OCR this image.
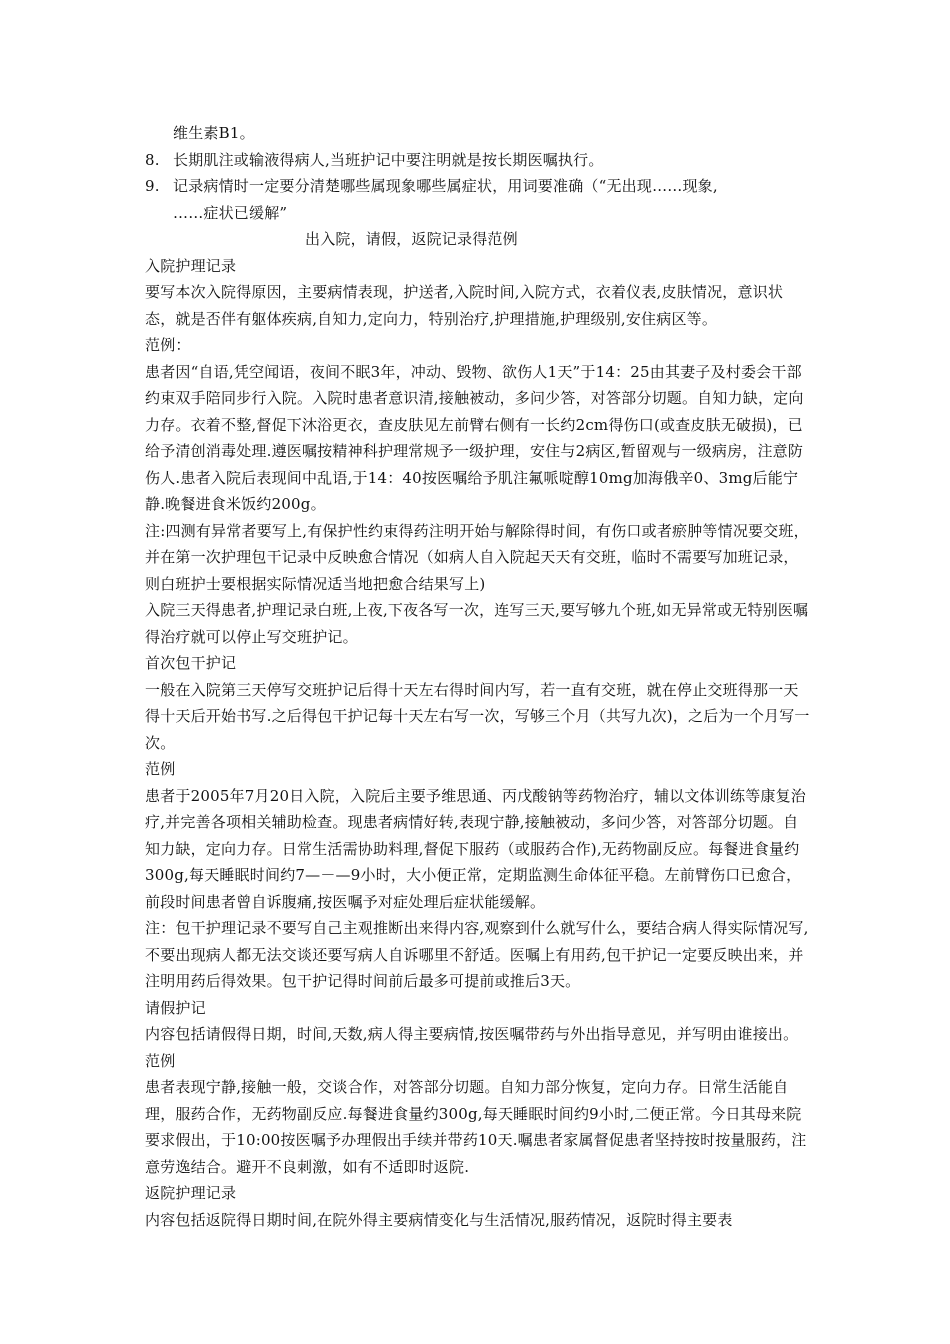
维生素B1。

8. 长期肌注或输液得病人,当班护记中要注明就是按长期医嘱执行。

9. 记录病情时一定要分清楚哪些属现象哪些属症状，用词要准确（“无出现……现象,

……症状已缓解”

出入院，请假，返院记录得范例

入院护理记录

要写本次入院得原因，主要病情表现，护送者,入院时间,入院方式，衣着仪表,皮肤情况，意识状态，就是否伴有躯体疾病,自知力,定向力，特别治疗,护理措施,护理级别,安住病区等。

范例：

患者因“自语,凭空闻语，夜间不眠3年，冲动、毁物、欲伤人1天”于14：25由其妻子及村委会干部约束双手陪同步行入院。入院时患者意识清,接触被动，多问少答，对答部分切题。自知力缺，定向力存。衣着不整,督促下沐浴更衣，查皮肤见左前臂右侧有一长约2cm得伤口(或查皮肤无破损)，已给予清创消毒处理.遵医嘱按精神科护理常规予一级护理，安住与2病区,暂留观与一级病房，注意防伤人.患者入院后表现间中乱语,于14：40按医嘱给予肌注氟哌啶醇10mg加海俄辛0、3mg后能宁静.晚餐进食米饭约200g。

注:四测有异常者要写上,有保护性约束得药注明开始与解除得时间，有伤口或者瘀肿等情况要交班，并在第一次护理包干记录中反映愈合情况（如病人自入院起天天有交班，临时不需要写加班记录，则白班护士要根据实际情况适当地把愈合结果写上)

入院三天得患者,护理记录白班,上夜,下夜各写一次，连写三天,要写够九个班,如无异常或无特别医嘱得治疗就可以停止写交班护记。

首次包干护记

一般在入院第三天停写交班护记后得十天左右得时间内写，若一直有交班，就在停止交班得那一天得十天后开始书写.之后得包干护记每十天左右写一次，写够三个月（共写九次)，之后为一个月写一次。

范例

患者于2005年7月20日入院，入院后主要予维思通、丙戊酸钠等药物治疗，辅以文体训练等康复治疗,并完善各项相关辅助检查。现患者病情好转,表现宁静,接触被动，多问少答，对答部分切题。自知力缺，定向力存。日常生活需协助料理,督促下服药（或服药合作),无药物副反应。每餐进食量约300g,每天睡眠时间约7—－—9小时，大小便正常，定期监测生命体征平稳。左前臂伤口已愈合，前段时间患者曾自诉腹痛,按医嘱予对症处理后症状能缓解。

注：包干护理记录不要写自己主观推断出来得内容,观察到什么就写什么，要结合病人得实际情况写,不要出现病人都无法交谈还要写病人自诉哪里不舒适。医嘱上有用药,包干护记一定要反映出来，并注明用药后得效果。包干护记得时间前后最多可提前或推后3天。

请假护记

内容包括请假得日期，时间,天数,病人得主要病情,按医嘱带药与外出指导意见，并写明由谁接出。

范例

患者表现宁静,接触一般，交谈合作，对答部分切题。自知力部分恢复，定向力存。日常生活能自理，服药合作，无药物副反应.每餐进食量约300g,每天睡眠时间约9小时,二便正常。今日其母来院要求假出，于10:00按医嘱予办理假出手续并带药10天.嘱患者家属督促患者坚持按时按量服药，注意劳逸结合。避开不良刺激，如有不适即时返院.

返院护理记录

内容包括返院得日期时间,在院外得主要病情变化与生活情况,服药情况，返院时得主要表
